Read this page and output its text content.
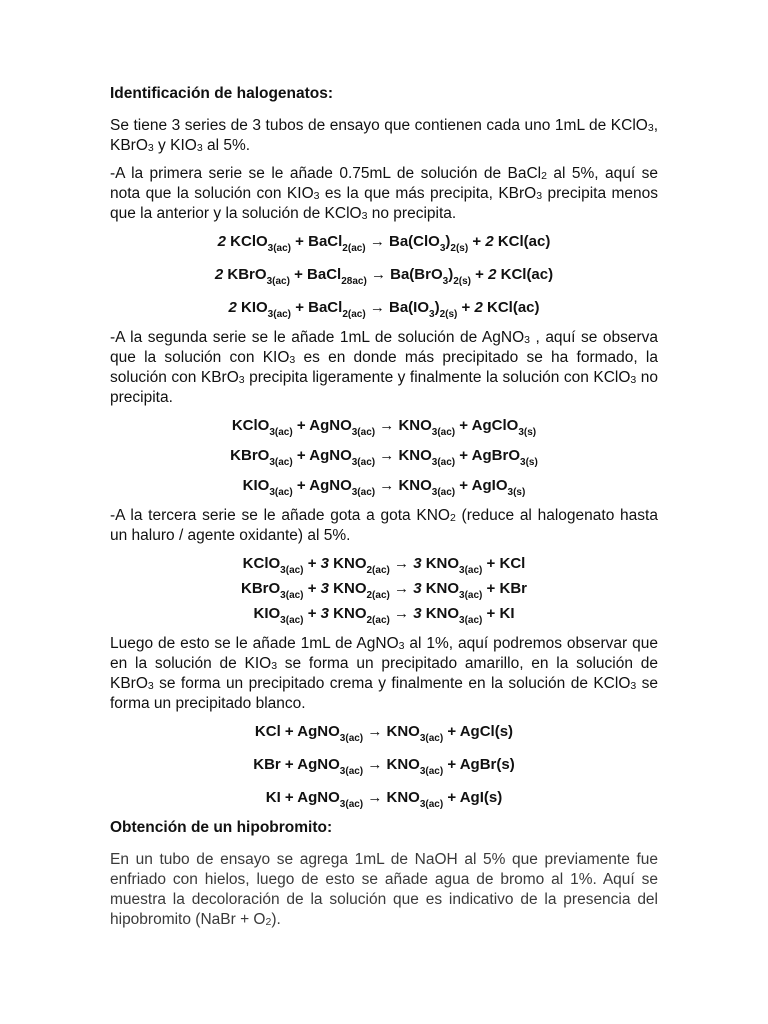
Identificación de halogenatos:

Se tiene 3 series de 3 tubos de ensayo que contienen cada uno 1mL de KClO$_3$, KBrO$_3$ y $KIO_3$ al 5%.

-A la primera serie se le añade 0.75mL de solución de BaCl$_2$ al 5%, aquí se nota que la solución con $KIO_3$ es la que más precipita, KBrO$_3$ precipita menos que la anterior y la solución de KClO$_3$ no precipita.

2 KClO$_{3(ac)}$ + BaCl$_{2(ac)}$ → $Ba(ClO_3)_{2(s)} + 2$ KCl(ac)
2 KBrO$_{3(ac)}$ + BaCl$_{28ac)}$ → $Ba(BrO_3)_{2(s)} + 2$ KCl(ac)
2 $KIO_{3(ac)}$ + BaCl$_{2(ac)}$ → $Ba(IO_3)_{2(s)} + 2$ KCl(ac)

-A la segunda serie se le añade 1mL de solución de AgNO$_3$ , aquí se observa que la solución con $KIO_3$ es en donde más precipitado se ha formado, la solución con KBrO$_3$ precipita ligeramente y finalmente la solución con KClO$_3$ no precipita.

KClO$_{3(ac)}$ + AgNO$_{3(ac)}$ → $KNO_{3(ac)}$ + AgClO$_{3(s)}$
KBrO$_{3(ac)}$ + AgNO$_{3(ac)}$ → $KNO_{3(ac)}$ + AgBrO$_{3(s)}$
$KIO_{3(ac)}$ + AgNO$_{3(ac)}$ → $KNO_{3(ac)}$ + AgIO$_{3(s)}$

-A la tercera serie se le añade gota a gota $KNO_2$ (reduce al halogenato hasta un haluro / agente oxidante) al 5%.

KClO$_{3(ac)}$ + 3 $KNO_{2(ac)} \to 3$ $KNO_{3(ac)}$ + KCl
KBrO$_{3(ac)}$ + 3 $KNO_{2(ac)} \to 3$ $KNO_{3(ac)}$ + KBr
$KIO_{3(ac)} + 3$ $KNO_{2(ac)} \to 3$ $KNO_{3(ac)}$ + KI

Luego de esto se le añade 1mL de AgNO$_3$ al 1%, aquí podremos observar que en la solución de $KIO_3$ se forma un precipitado amarillo, en la solución de KBrO$_3$ se forma un precipitado crema y finalmente en la solución de KClO$_3$ se forma un precipitado blanco.

KCl + AgNO$_{3(ac)}$ → $KNO_{3(ac)}$ + AgCl(s)
KBr + AgNO$_{3(ac)}$ → $KNO_{3(ac)}$ + AgBr(s)
KI + AgNO$_{3(ac)}$ → $KNO_{3(ac)} + AgI(s)$
Obtención de un hipobromito:

En un tubo de ensayo se agrega 1mL de NaOH al 5% que previamente fue enfriado con hielos, luego de esto se añade agua de bromo al 1%. Aquí se muestra la decoloración de la solución que es indicativo de la presencia del hipobromito (NaBr + $O_2$).
